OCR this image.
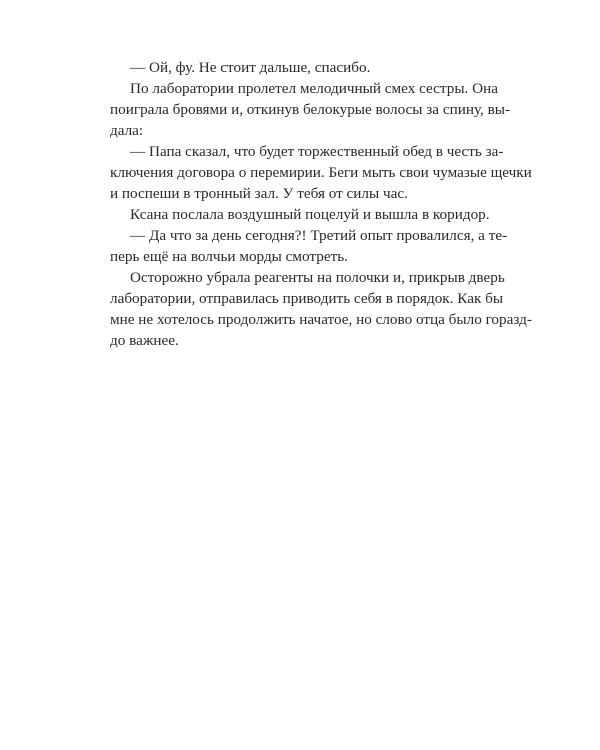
— Ой, фу. Не стоит дальше, спасибо.
По лаборатории пролетел мелодичный смех сестры. Она
поиграла бровями и, откинув белокурые волосы за спину, вы-
дала:
— Папа сказал, что будет торжественный обед в честь за-
ключения договора о перемирии. Беги мыть свои чумазые щечки
и поспеши в тронный зал. У тебя от силы час.
Ксана послала воздушный поцелуй и вышла в коридор.
— Да что за день сегодня?! Третий опыт провалился, а те-
перь ещё на волчьи морды смотреть.
Осторожно убрала реагенты на полочки и, прикрыв дверь
лаборатории, отправилась приводить себя в порядок. Как бы
мне не хотелось продолжить начатое, но слово отца было горазд-
до важнее.
